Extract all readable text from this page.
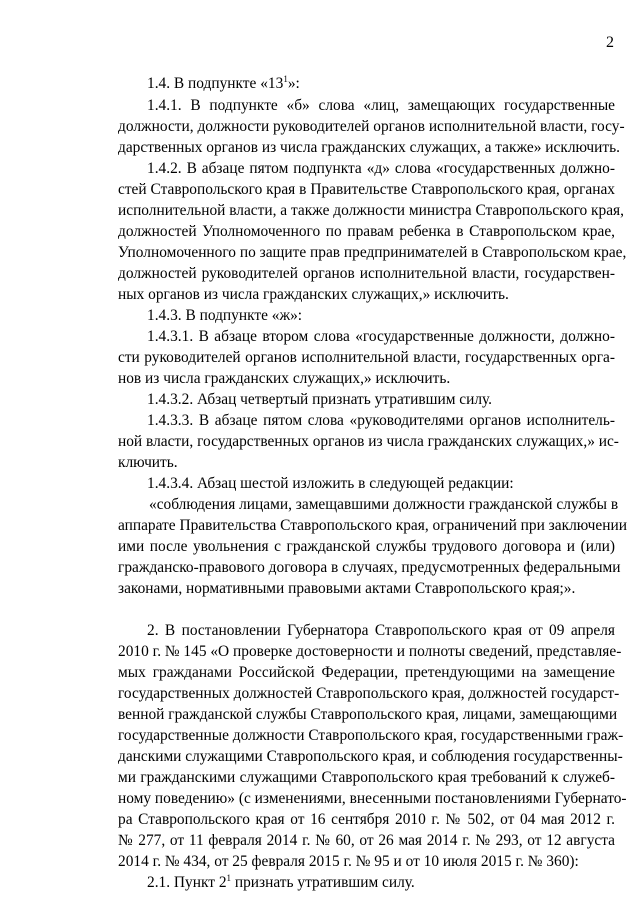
2
1.4. В подпункте «$13^1$»:
1.4.1. В подпункте «б» слова «лиц, замещающих государственные
должности, должности руководителей органов исполнительной власти, госу-
дарственных органов из числа гражданских служащих, а также» исключить.
1.4.2. В абзаце пятом подпункта «д» слова «государственных должно-
стей Ставропольского края в Правительстве Ставропольского края, органах
исполнительной власти, а также должности министра Ставропольского края,
должностей Уполномоченного по правам ребенка в Ставропольском крае,
Уполномоченного по защите прав предпринимателей в Ставропольском крае,
должностей руководителей органов исполнительной власти, государствен-
ных органов из числа гражданских служащих,» исключить.
1.4.3. В подпункте «ж»:
1.4.3.1. В абзаце втором слова «государственные должности, должно-
сти руководителей органов исполнительной власти, государственных орга-
нов из числа гражданских служащих,» исключить.
1.4.3.2. Абзац четвертый признать утратившим силу.
1.4.3.3. В абзаце пятом слова «руководителями органов исполнитель-
ной власти, государственных органов из числа гражданских служащих,» ис-
ключить.
1.4.3.4. Абзац шестой изложить в следующей редакции:
«соблюдения лицами, замещавшими должности гражданской службы в
аппарате Правительства Ставропольского края, ограничений при заключении
ими после увольнения с гражданской службы трудового договора и (или)
гражданско-правового договора в случаях, предусмотренных федеральными
законами, нормативными правовыми актами Ставропольского края;».
2. В постановлении Губернатора Ставропольского края от 09 апреля
2010 г. № 145 «О проверке достоверности и полноты сведений, представляе-
мых гражданами Российской Федерации, претендующими на замещение
государственных должностей Ставропольского края, должностей государст-
венной гражданской службы Ставропольского края, лицами, замещающими
государственные должности Ставропольского края, государственными граж-
данскими служащими Ставропольского края, и соблюдения государственны-
ми гражданскими служащими Ставропольского края требований к служеб-
ному поведению» (с изменениями, внесенными постановлениями Губернато-
ра Ставропольского края от 16 сентября 2010 г. № 502, от 04 мая 2012 г.
№ 277, от 11 февраля 2014 г. № 60, от 26 мая 2014 г. № 293, от 12 августа
2014 г. № 434, от 25 февраля 2015 г. № 95 и от 10 июля 2015 г. № 360):
2.1. Пункт $2^1$ признать утратившим силу.
